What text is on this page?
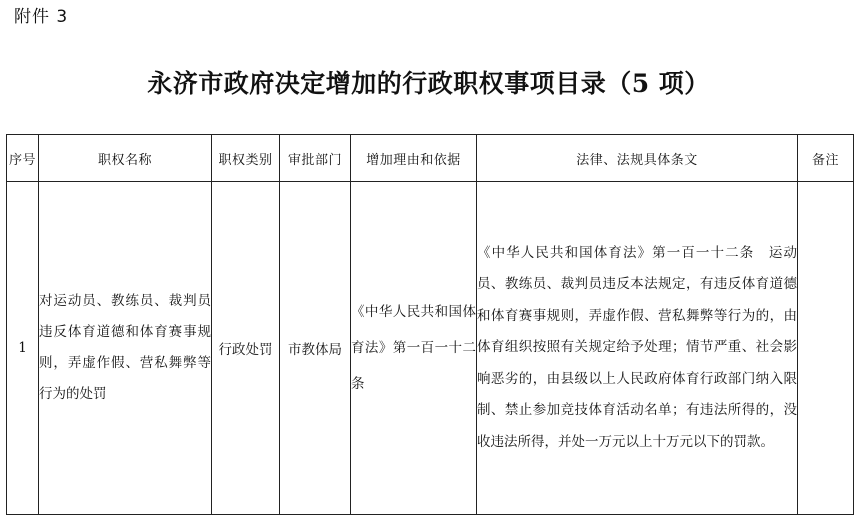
附件 3
永济市政府决定增加的行政职权事项目录（5 项）
序号	职权名称	职权类别	审批部门	增加理由和依据	法律、法规具体条文	备注
1	对运动员、教练员、裁判员违反体育道德和体育赛事规则，弄虚作假、营私舞弊等行为的处罚	行政处罚	市教体局	《中华人民共和国体育法》第一百一十二条	《中华人民共和国体育法》第一百一十二条　运动员、教练员、裁判员违反本法规定，有违反体育道德和体育赛事规则，弄虚作假、营私舞弊等行为的，由体育组织按照有关规定给予处理；情节严重、社会影响恶劣的，由县级以上人民政府体育行政部门纳入限制、禁止参加竞技体育活动名单；有违法所得的，没收违法所得，并处一万元以上十万元以下的罚款。	
